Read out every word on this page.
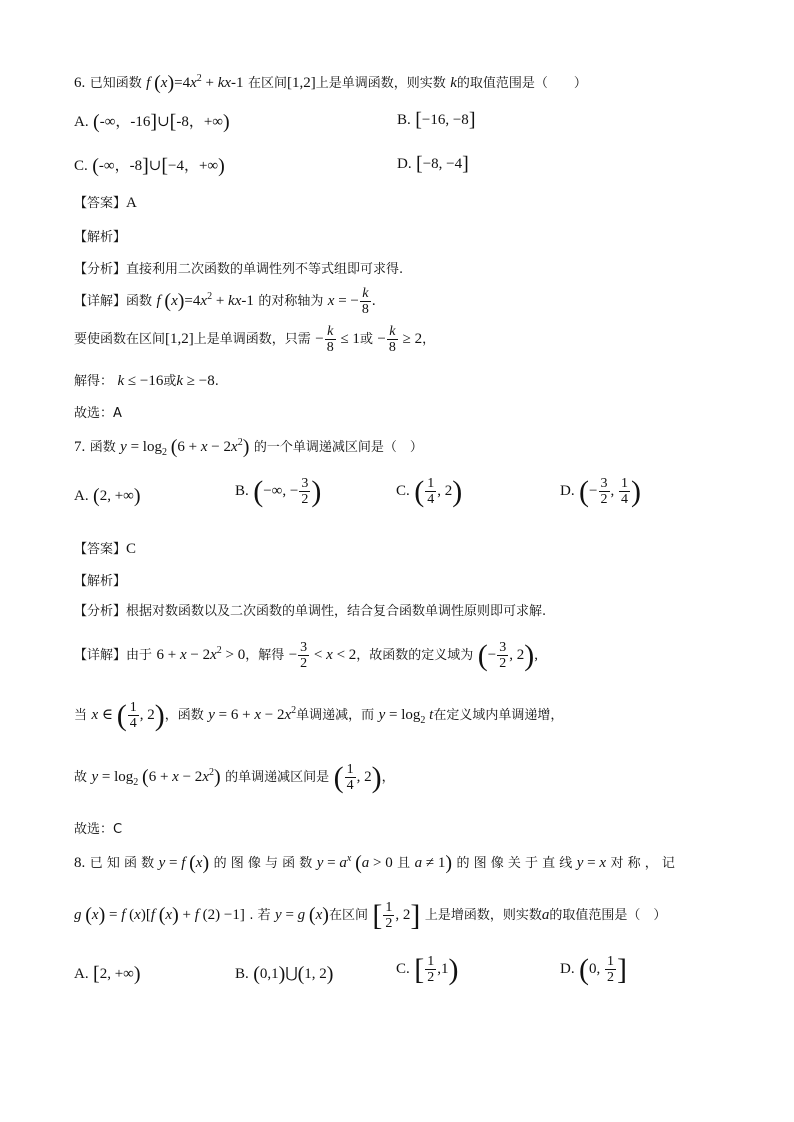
6. 已知函数 f $(x)=4x^2 + kx-1$ 在区间[1,2]上是单调函数，则实数 k的取值范围是（　　）
A. (-∞，-16]∪[-8，+∞)	B. [−16, −8]
C. (-∞，-8]∪[−4，+∞)	D. [−8, −4]
【答案】A
【解析】
【分析】直接利用二次函数的单调性列不等式组即可求得.
【详解】函数 f $(x)=4x^2 + kx-1$ 的对称轴为 x = − $\frac{k}{8}$ .
要使函数在区间[1,2]上是单调函数，只需 − $\frac{k}{8} \le 1$或 − $\frac{k}{8} \ge 2$，
解得： k ≤ −16或k ≥ −8.
故选：A
7. 函数 $y = \log_2 (6 + x - 2x^2)$ 的一个单调递减区间是（　）
A. (2, +∞)	B. (−∞, − $\frac{3}{2}$ )	C. ( $\frac{1}{4}$ , 2)	D. (− $\frac{3}{2}$ , $\frac{1}{4}$ )
【答案】C
【解析】
【分析】根据对数函数以及二次函数的单调性，结合复合函数单调性原则即可求解.
【详解】由于 $6 + x - 2x^2 > 0$，解得 − $\frac{3}{2} < x < 2$，故函数的定义域为 (− $\frac{3}{2}$ , 2),
当 x ∈ ( $\frac{1}{4}$ , 2)，函数 $y = 6 + x - 2x^2$单调递减，而 $y = \log_2 t$在定义域内单调递增，
故 $y = \log_2 (6 + x - 2x^2)$ 的单调递减区间是 ( $\frac{1}{4}$ , 2)，
故选：C
8. 已 知 函 数 y = f (x) 的 图 像 与 函 数 $y = a^x$ (a > 0 且 a ≠ 1) 的 图 像 关 于 直 线 y = x 对 称 ， 记
g (x) = f (x)[f (x) + f (2) −1] . 若 y = g (x)在区间 [ $\frac{1}{2}$ , 2] 上是增函数，则实数a的取值范围是（　）
A. [2, +∞)	B. (0,1)⋃(1, 2)	C. [ $\frac{1}{2} ,1$)	D. (0, $\frac{1}{2}$ ]
